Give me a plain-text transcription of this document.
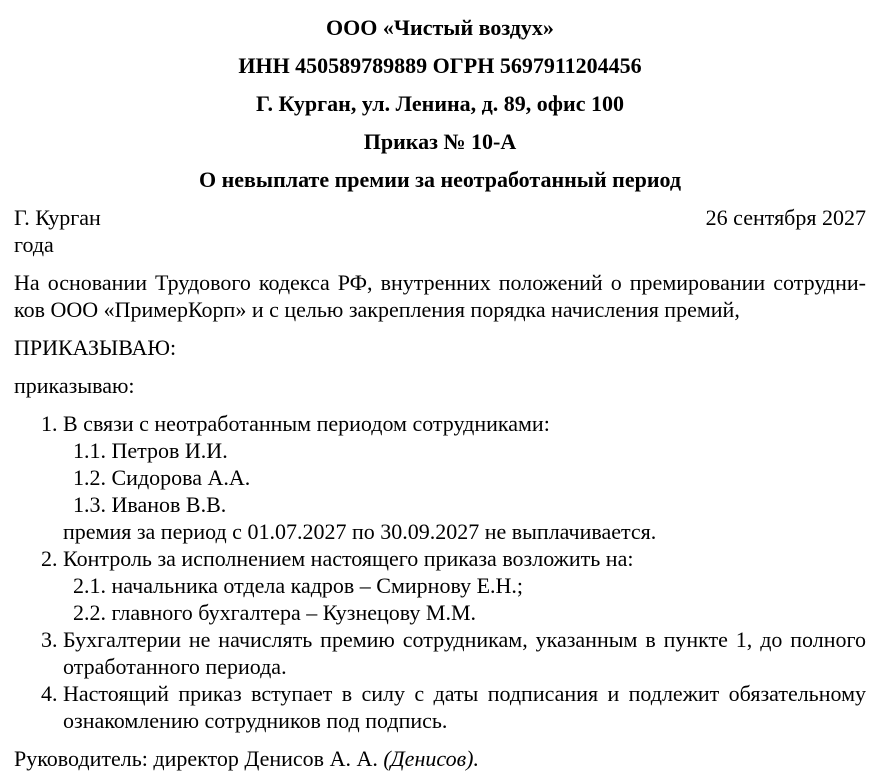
ООО «Чистый воздух»

ИНН 450589789889 ОГРН 5697911204456

Г. Курган, ул. Ленина, д. 89, офис 100

Приказ № 10-А

О невыплате премии за неотработанный период

Г. Курган	26 сентября 2027
года
На основании Трудового кодекса РФ, внутренних положений о премировании сотрудни-
ков ООО «ПримерКорп» и с целью закрепления порядка начисления премий,

ПРИКАЗЫВАЮ:

приказываю:

1. В связи с неотработанным периодом сотрудниками:
1.1. Петров И.И.
1.2. Сидорова А.А.
1.3. Иванов В.В.
премия за период с 01.07.2027 по 30.09.2027 не выплачивается.
2. Контроль за исполнением настоящего приказа возложить на:
2.1. начальника отдела кадров – Смирнову Е.Н.;
2.2. главного бухгалтера – Кузнецову М.М.
3. Бухгалтерии не начислять премию сотрудникам, указанным в пункте 1, до полного
отработанного периода.
4. Настоящий приказ вступает в силу с даты подписания и подлежит обязательному
ознакомлению сотрудников под подпись.

Руководитель: директор Денисов А. А. (Денисов).
